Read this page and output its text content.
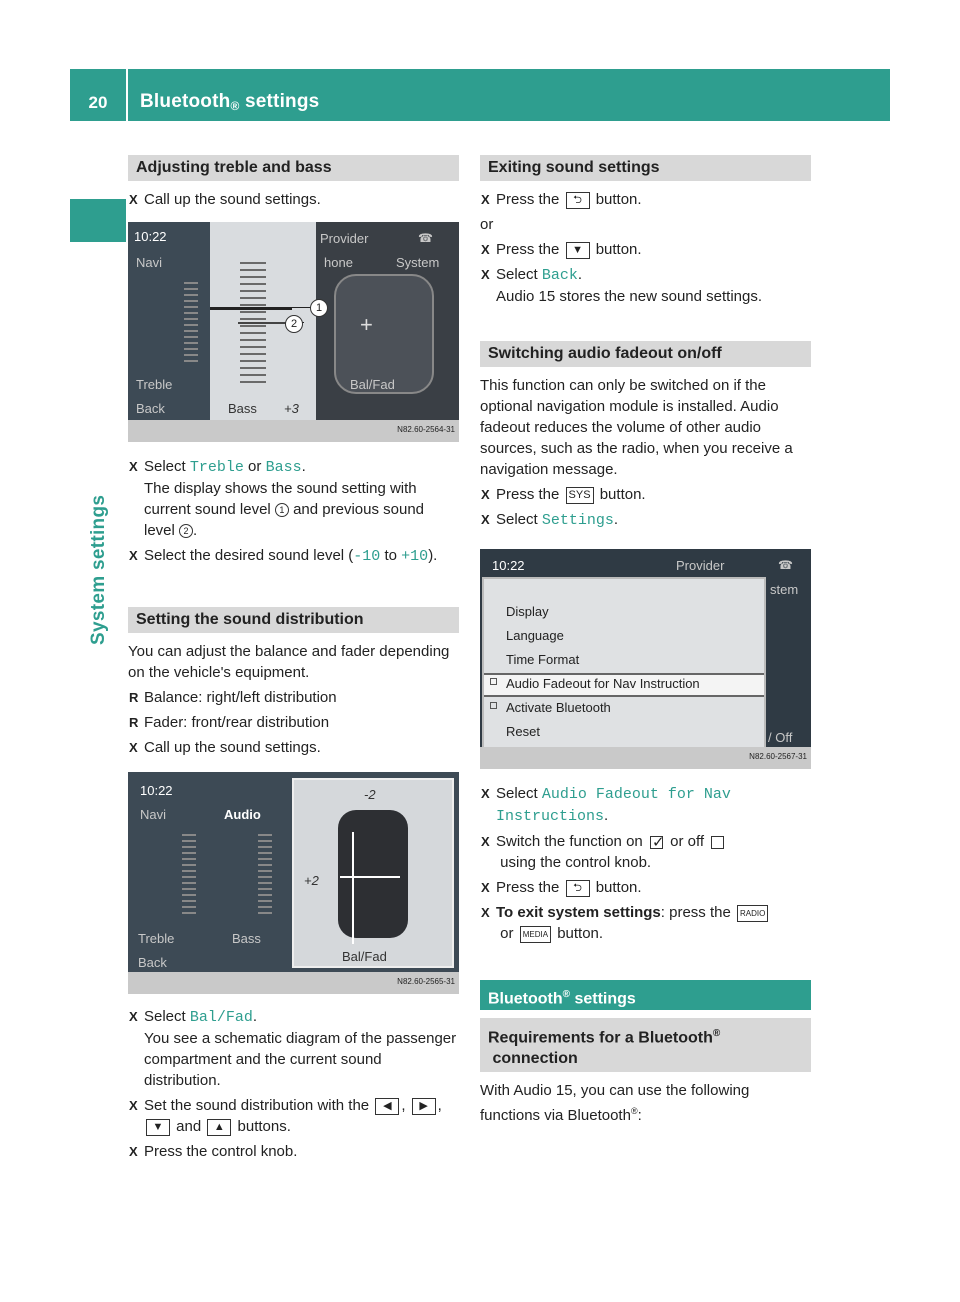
20	Bluetooth$_®$ settings
System settings
Adjusting treble and bass
X Call up the sound settings.
10:22
Navi
Provider	☎
hone	System
1
2	+
Treble
Back	Bass +3
Bal/Fad
N82.60-2564-31
X Select Treble or Bass.
The display shows the sound setting with current sound level 1 and previous sound level 2 .
X Select the desired sound level (-10 to +10).
Setting the sound distribution
You can adjust the balance and fader depending on the vehicle's equipment.
R Balance: right/left distribution
R Fader: front/rear distribution
X Call up the sound settings.
10:22
Navi	Audio
-2
+2
Treble	Bass
Back	Bal/Fad
N82.60-2565-31
X Select Bal/Fad.
You see a schematic diagram of the passenger compartment and the current sound distribution.
X Set the sound distribution with the ◀ , ▶ , ▼ and ▲ buttons.
X Press the control knob.
Exiting sound settings
X Press the ⮌ button.
or
X Press the ▼ button.
X Select Back.
Audio 15 stores the new sound settings.
Switching audio fadeout on/off
This function can only be switched on if the optional navigation module is installed. Audio fadeout reduces the volume of other audio sources, such as the radio, when you receive a navigation message.
X Press the SYS button.
X Select Settings.
10:22	Provider	☎
stem
/ Off
Display
Language
Time Format
Audio Fadeout for Nav Instruction
Activate Bluetooth
Reset
N82.60-2567-31
X Select Audio Fadeout for Nav Instructions.
X Switch the function on ✓ or off  using the control knob.
X Press the ⮌ button.
X To exit system settings: press the RADIO
or MEDIA button.
Bluetooth® settings
Requirements for a Bluetooth® connection
With Audio 15, you can use the following functions via Bluetooth®:
